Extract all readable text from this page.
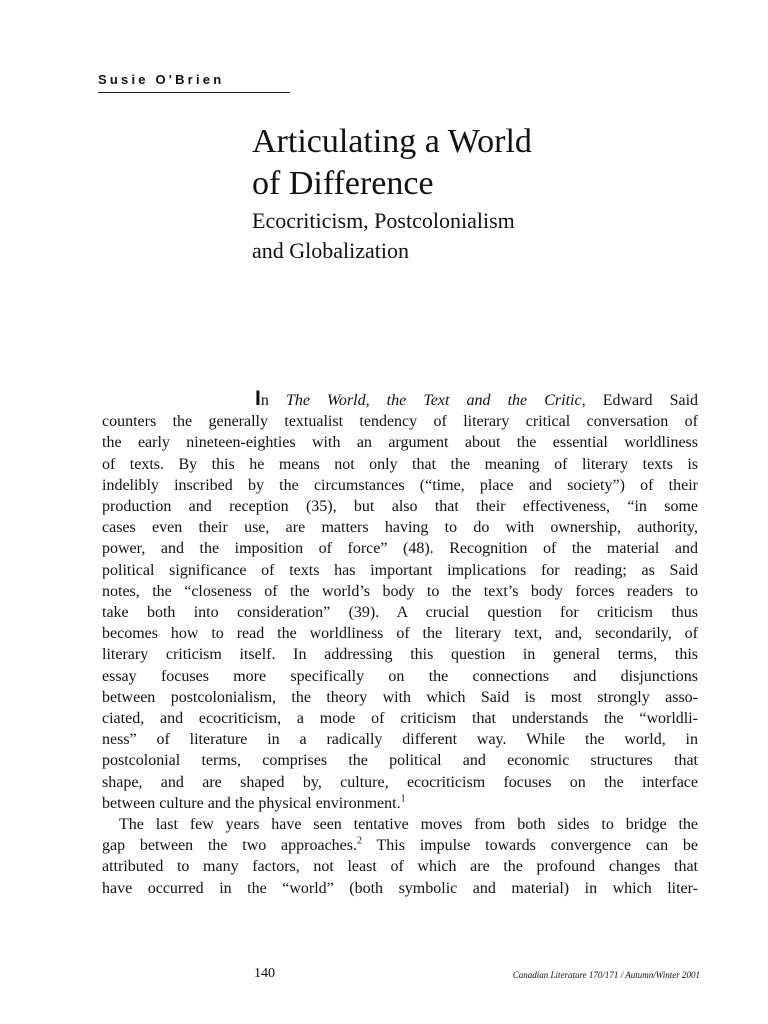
Susie O'Brien
Articulating a World
of Difference
Ecocriticism, Postcolonialism
and Globalization
In The World, the Text and the Critic, Edward Said
counters the generally textualist tendency of literary critical conversation of
the early nineteen-eighties with an argument about the essential worldliness
of texts. By this he means not only that the meaning of literary texts is
indelibly inscribed by the circumstances (“time, place and society”) of their
production and reception (35), but also that their effectiveness, “in some
cases even their use, are matters having to do with ownership, authority,
power, and the imposition of force” (48). Recognition of the material and
political significance of texts has important implications for reading; as Said
notes, the “closeness of the world’s body to the text’s body forces readers to
take both into consideration” (39). A crucial question for criticism thus
becomes how to read the worldliness of the literary text, and, secondarily, of
literary criticism itself. In addressing this question in general terms, this
essay focuses more specifically on the connections and disjunctions
between postcolonialism, the theory with which Said is most strongly asso-
ciated, and ecocriticism, a mode of criticism that understands the “worldli-
ness” of literature in a radically different way. While the world, in
postcolonial terms, comprises the political and economic structures that
shape, and are shaped by, culture, ecocriticism focuses on the interface
between culture and the physical environment.$^1$
The last few years have seen tentative moves from both sides to bridge the
gap between the two approaches.$^2$ This impulse towards convergence can be
attributed to many factors, not least of which are the profound changes that
have occurred in the “world” (both symbolic and material) in which liter-
140	Canadian Literature 170/171 / Autumn/Winter 2001
